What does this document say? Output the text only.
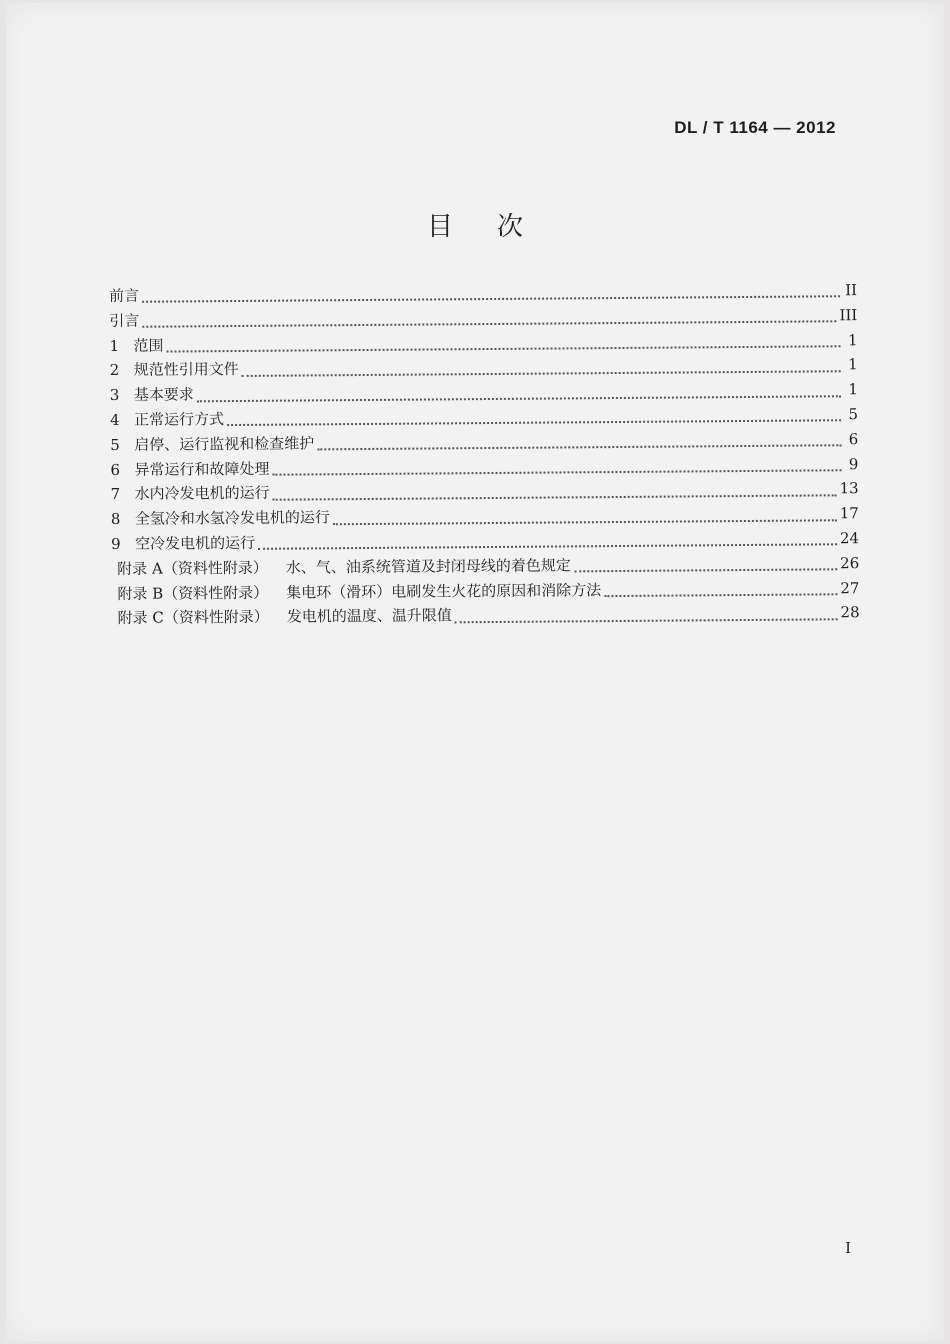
DL / T 1164 — 2012
目次
前言	II
引言	III
1 范围	1
2 规范性引用文件	1
3 基本要求	1
4 正常运行方式	5
5 启停、运行监视和检查维护	6
6 异常运行和故障处理	9
7 水内冷发电机的运行	13
8 全氢冷和水氢冷发电机的运行	17
9 空冷发电机的运行	24
附录 A（资料性附录） 水、气、油系统管道及封闭母线的着色规定	26
附录 B（资料性附录） 集电环（滑环）电刷发生火花的原因和消除方法	27
附录 C（资料性附录） 发电机的温度、温升限值	28
I
